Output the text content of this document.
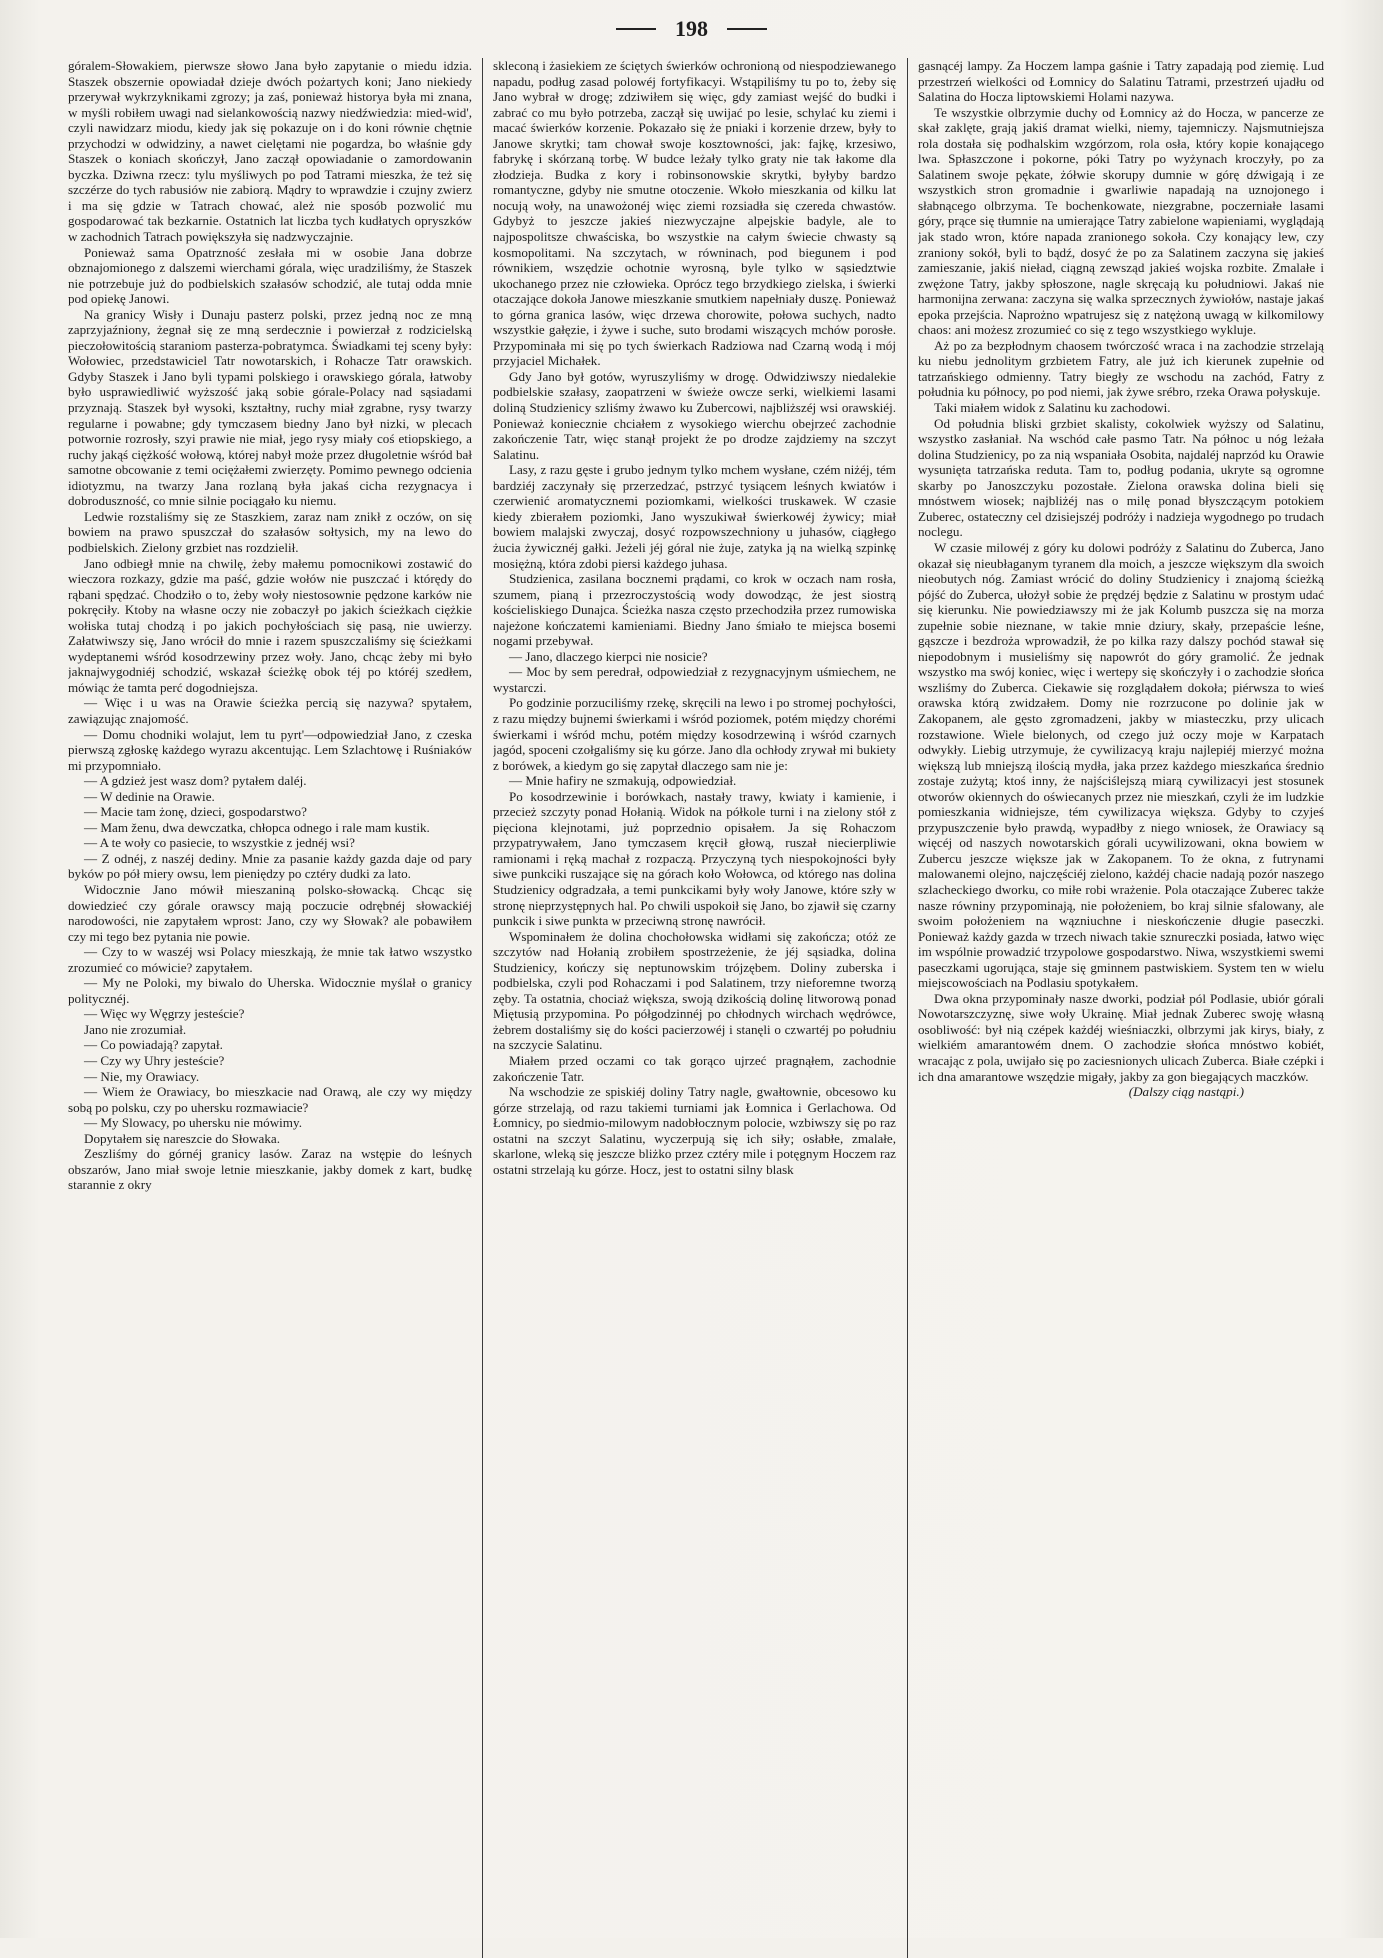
198

góralem-Słowakiem, pierwsze słowo Jana było zapytanie o miedu idzia. Staszek obszernie opowiadał dzieje dwóch pożartych koni; Jano niekiedy przerywał wykrzyknikami zgrozy; ja zaś, ponieważ historya była mi znana, w myśli robiłem uwagi nad sielankowością nazwy niedźwiedzia: mied-wid', czyli nawidzarz miodu, kiedy jak się pokazuje on i do koni równie chętnie przychodzi w odwidziny, a nawet cielętami nie pogardza, bo właśnie gdy Staszek o koniach skończył, Jano zaczął opowiadanie o zamordowanin byczka. Dziwna rzecz: tylu myśliwych po pod Tatrami mieszka, że też się szczérze do tych rabusiów nie zabiorą. Mądry to wprawdzie i czujny zwierz i ma się gdzie w Tatrach chować, ależ nie sposób pozwolić mu gospodarować tak bezkarnie. Ostatnich lat liczba tych kudłatych opryszków w zachodnich Tatrach powiększyła się nadzwyczajnie.

Ponieważ sama Opatrzność zesłała mi w osobie Jana dobrze obznajomionego z dalszemi wierchami górala, więc uradziliśmy, że Staszek nie potrzebuje już do podbielskich szałasów schodzić, ale tutaj odda mnie pod opiekę Janowi.

Na granicy Wisły i Dunaju pasterz polski, przez jedną noc ze mną zaprzyjaźniony, żegnał się ze mną serdecznie i powierzał z rodzicielską pieczołowitością staraniom pasterza-pobratymca. Świadkami tej sceny były: Wołowiec, przedstawiciel Tatr nowotarskich, i Rohacze Tatr orawskich. Gdyby Staszek i Jano byli typami polskiego i orawskiego górala, łatwoby było usprawiedliwić wyższość jaką sobie górale-Polacy nad sąsiadami przyznają. Staszek był wysoki, kształtny, ruchy miał zgrabne, rysy twarzy regularne i powabne; gdy tymczasem biedny Jano był nizki, w plecach potwornie rozrosły, szyi prawie nie miał, jego rysy miały coś etiopskiego, a ruchy jakąś ciężkość wołową, której nabył może przez długoletnie wśród bał samotne obcowanie z temi ociężałemi zwierzęty. Pomimo pewnego odcienia idiotyzmu, na twarzy Jana rozlaną była jakaś cicha rezygnacya i dobroduszność, co mnie silnie pociągało ku niemu.

Ledwie rozstaliśmy się ze Staszkiem, zaraz nam znikł z oczów, on się bowiem na prawo spuszczał do szałasów sołtysich, my na lewo do podbielskich. Zielony grzbiet nas rozdzielił.

Jano odbiegł mnie na chwilę, żeby małemu pomocnikowi zostawić do wieczora rozkazy, gdzie ma paść, gdzie wołów nie puszczać i którędy do rąbani spędzać. Chodziło o to, żeby woły niestosownie pędzone karków nie pokręciły. Ktoby na własne oczy nie zobaczył po jakich ścieżkach ciężkie wołiska tutaj chodzą i po jakich pochyłościach się pasą, nie uwierzy. Załatwiwszy się, Jano wrócił do mnie i razem spuszczaliśmy się ścieżkami wydeptanemi wśród kosodrzewiny przez woły. Jano, chcąc żeby mi było jaknajwygodniéj schodzić, wskazał ścieżkę obok téj po któréj szedłem, mówiąc że tamta perć dogodniejsza.

— Więc i u was na Orawie ścieżka percią się nazywa? spytałem, zawiązując znajomość.

— Domu chodniki wolajut, lem tu pyrt'—odpowiedział Jano, z czeska pierwszą zgłoskę każdego wyrazu akcentując. Lem Szlachtowę i Ruśniaków mi przypomniało.

— A gdzież jest wasz dom? pytałem daléj.

— W dedinie na Orawie.

— Macie tam żonę, dzieci, gospodarstwo?

— Mam ženu, dwa dewczatka, chłopca odnego i rale mam kustik.

— A te woły co pasiecie, to wszystkie z jednéj wsi?

— Z odnéj, z naszéj dediny. Mnie za pasanie każdy gazda daje od pary byków po pół miery owsu, lem pieniędzy po cztéry dudki za lato.

Widocznie Jano mówił mieszaniną polsko-słowacką. Chcąc się dowiedzieć czy górale orawscy mają poczucie odrębnéj słowackiéj narodowości, nie zapytałem wprost: Jano, czy wy Słowak? ale pobawiłem czy mi tego bez pytania nie powie.

— Czy to w waszéj wsi Polacy mieszkają, że mnie tak łatwo wszystko zrozumieć co mówicie? zapytałem.

— My ne Poloki, my biwalo do Uherska. Widocznie myślał o granicy politycznéj.

— Więc wy Węgrzy jesteście?

Jano nie zrozumiał.

— Co powiadają? zapytał.

— Czy wy Uhry jesteście?

— Nie, my Orawiacy.

— Wiem że Orawiacy, bo mieszkacie nad Orawą, ale czy wy między sobą po polsku, czy po uhersku rozmawiacie?

— My Slowacy, po uhersku nie mówimy.

Dopytałem się nareszcie do Słowaka.

Zeszliśmy do górnéj granicy lasów. Zaraz na wstępie do leśnych obszarów, Jano miał swoje letnie mieszkanie, jakby domek z kart, budkę starannie z okry

skleconą i żasiekiem ze ściętych świerków ochronioną od niespodziewanego napadu, podług zasad polowéj fortyfikacyi. Wstąpiliśmy tu po to, żeby się Jano wybrał w drogę; zdziwiłem się więc, gdy zamiast wejść do budki i zabrać co mu było potrzeba, zaczął się uwijać po lesie, schylać ku ziemi i macać świerków korzenie. Pokazało się że pniaki i korzenie drzew, były to Janowe skrytki; tam chował swoje kosztowności, jak: fajkę, krzesiwo, fabrykę i skórzaną torbę. W budce leżały tylko graty nie tak łakome dla złodzieja. Budka z kory i robinsonowskie skrytki, byłyby bardzo romantyczne, gdyby nie smutne otoczenie. Wkoło mieszkania od kilku lat nocują woły, na unawożonéj więc ziemi rozsiadła się czereda chwastów. Gdybyż to jeszcze jakieś niezwyczajne alpejskie badyle, ale to najpospolitsze chwaściska, bo wszystkie na całym świecie chwasty są kosmopolitami. Na szczytach, w równinach, pod biegunem i pod równikiem, wszędzie ochotnie wyrosną, byle tylko w sąsiedztwie ukochanego przez nie człowieka. Oprócz tego brzydkiego zielska, i świerki otaczające dokoła Janowe mieszkanie smutkiem napełniały duszę. Ponieważ to górna granica lasów, więc drzewa chorowite, połowa suchych, nadto wszystkie gałęzie, i żywe i suche, suto brodami wiszących mchów porosłe. Przypominała mi się po tych świerkach Radziowa nad Czarną wodą i mój przyjaciel Michałek.

Gdy Jano był gotów, wyruszyliśmy w drogę. Odwidziwszy niedalekie podbielskie szałasy, zaopatrzeni w świeże owcze serki, wielkiemi lasami doliną Studzienicy szliśmy żwawo ku Zubercowi, najbliższéj wsi orawskiéj. Ponieważ koniecznie chciałem z wysokiego wierchu obejrzeć zachodnie zakończenie Tatr, więc stanął projekt że po drodze zajdziemy na szczyt Salatinu.

Lasy, z razu gęste i grubo jednym tylko mchem wysłane, czém niżéj, tém bardziéj zaczynały się przerzedzać, pstrzyć tysiącem leśnych kwiatów i czerwienić aromatycznemi poziomkami, wielkości truskawek. W czasie kiedy zbierałem poziomki, Jano wyszukiwał świerkowéj żywicy; miał bowiem malajski zwyczaj, dosyć rozpowszechniony u juhasów, ciągłego żucia żywicznéj gałki. Jeżeli jéj góral nie żuje, zatyka ją na wielką szpinkę mosiężną, która zdobi piersi każdego juhasa.

Studzienica, zasilana bocznemi prądami, co krok w oczach nam rosła, szumem, pianą i przezroczystością wody dowodząc, że jest siostrą kościeliskiego Dunajca. Ścieżka nasza często przechodziła przez rumowiska najeżone kończatemi kamieniami. Biedny Jano śmiało te miejsca bosemi nogami przebywał.

— Jano, dlaczego kierpci nie nosicie?

— Moc by sem peredrał, odpowiedział z rezygnacyjnym uśmiechem, ne wystarczi.

Po godzinie porzuciliśmy rzekę, skręcili na lewo i po stromej pochyłości, z razu między bujnemi świerkami i wśród poziomek, potém między chorémi świerkami i wśród mchu, potém między kosodrzewiną i wśród czarnych jagód, spoceni czołgaliśmy się ku górze. Jano dla ochłody zrywał mi bukiety z borówek, a kiedym go się zapytał dlaczego sam nie je:

— Mnie hafiry ne szmakują, odpowiedział.

Po kosodrzewinie i borówkach, nastały trawy, kwiaty i kamienie, i przecież szczyty ponad Hołanią. Widok na półkole turni i na zielony stół z pięciona klejnotami, już poprzednio opisałem. Ja się Rohaczom przypatrywałem, Jano tymczasem kręcił głową, ruszał niecierpliwie ramionami i ręką machał z rozpaczą. Przyczyną tych niespokojności były siwe punkciki ruszające się na górach koło Wołowca, od którego nas dolina Studzienicy odgradzała, a temi punkcikami były woły Janowe, które szły w stronę nieprzystępnych hal. Po chwili uspokoił się Jano, bo zjawił się czarny punkcik i siwe punkta w przeciwną stronę nawrócił.

Wspominałem że dolina chochołowska widłami się zakończa; otóż ze szczytów nad Hołanią zrobiłem spostrzeżenie, że jéj sąsiadka, dolina Studzienicy, kończy się neptunowskim trójzębem. Doliny zuberska i podbielska, czyli pod Rohaczami i pod Salatinem, trzy nieforemne tworzą zęby. Ta ostatnia, chociaż większa, swoją dzikością dolinę litworową ponad Miętusią przypomina. Po półgodzinnéj po chłodnych wirchach wędrówce, żebrem dostaliśmy się do kości pacierzowéj i stanęli o czwartéj po południu na szczycie Salatinu.

Miałem przed oczami co tak gorąco ujrzeć pragnąłem, zachodnie zakończenie Tatr.

Na wschodzie ze spiskiéj doliny Tatry nagle, gwałtownie, obcesowo ku górze strzelają, od razu takiemi turniami jak Łomnica i Gerlachowa. Od Łomnicy, po siedmio-milowym nadobłocznym polocie, wzbiwszy się po raz ostatni na szczyt Salatinu, wyczerpują się ich siły; osłabłe, zmalałe, skarlone, wleką się jeszcze bliżko przez cztéry mile i potęgnym Hoczem raz ostatni strzelają ku górze. Hocz, jest to ostatni silny blask

gasnącéj lampy. Za Hoczem lampa gaśnie i Tatry zapadają pod ziemię. Lud przestrzeń wielkości od Łomnicy do Salatinu Tatrami, przestrzeń ujadłu od Salatina do Hocza liptowskiemi Holami nazywa.

Te wszystkie olbrzymie duchy od Łomnicy aż do Hocza, w pancerze ze skał zaklęte, grają jakiś dramat wielki, niemy, tajemniczy. Najsmutniejsza rola dostała się podhalskim wzgórzom, rola osła, który kopie konającego lwa. Spłaszczone i pokorne, póki Tatry po wyżynach kroczyły, po za Salatinem swoje pękate, żółwie skorupy dumnie w górę dźwigają i ze wszystkich stron gromadnie i gwarliwie napadają na uznojonego i słabnącego olbrzyma. Te bochenkowate, niezgrabne, poczerniałe lasami góry, prące się tłumnie na umierające Tatry zabielone wapieniami, wyglądają jak stado wron, które napada zranionego sokoła. Czy konający lew, czy zraniony sokół, byli to bądź, dosyć że po za Salatinem zaczyna się jakieś zamieszanie, jakiś nieład, ciągną zewsząd jakieś wojska rozbite. Zmalałe i zwężone Tatry, jakby spłoszone, nagle skręcają ku południowi. Jakaś nie harmonijna zerwana: zaczyna się walka sprzecznych żywiołów, nastaje jakaś epoka przejścia. Naprożno wpatrujesz się z natężoną uwagą w kilkomilowy chaos: ani możesz zrozumieć co się z tego wszystkiego wykluje.

Aż po za bezpłodnym chaosem twórczość wraca i na zachodzie strzelają ku niebu jednolitym grzbietem Fatry, ale już ich kierunek zupełnie od tatrzańskiego odmienny. Tatry biegły ze wschodu na zachód, Fatry z południa ku północy, po pod niemi, jak żywe srébro, rzeka Orawa połyskuje.

Taki miałem widok z Salatinu ku zachodowi.

Od południa bliski grzbiet skalisty, cokolwiek wyższy od Salatinu, wszystko zasłaniał. Na wschód całe pasmo Tatr. Na północ u nóg leżała dolina Studzienicy, po za nią wspaniała Osobita, najdaléj naprzód ku Orawie wysunięta tatrzańska reduta. Tam to, podług podania, ukryte są ogromne skarby po Janoszczyku pozostałe. Zielona orawska dolina bieli się mnóstwem wiosek; najbliżéj nas o milę ponad błyszczącym potokiem Zuberec, ostateczny cel dzisiejszéj podróży i nadzieja wygodnego po trudach noclegu.

W czasie milowéj z góry ku dolowi podróży z Salatinu do Zuberca, Jano okazał się nieubłaganym tyranem dla moich, a jeszcze większym dla swoich nieobutych nóg. Zamiast wrócić do doliny Studzienicy i znajomą ścieżką pójść do Zuberca, ułożył sobie że prędzéj będzie z Salatinu w prostym udać się kierunku. Nie powiedziawszy mi że jak Kolumb puszcza się na morza zupełnie sobie nieznane, w takie mnie dziury, skały, przepaście leśne, gąszcze i bezdroża wprowadził, że po kilka razy dalszy pochód stawał się niepodobnym i musieliśmy się napowrót do góry gramolić. Że jednak wszystko ma swój koniec, więc i wertepy się skończyły i o zachodzie słońca wszliśmy do Zuberca. Ciekawie się rozglądałem dokoła; piérwsza to wieś orawska którą zwidzałem. Domy nie rozrzucone po dolinie jak w Zakopanem, ale gęsto zgromadzeni, jakby w miasteczku, przy ulicach rozstawione. Wiele bielonych, od czego już oczy moje w Karpatach odwykły. Liebig utrzymuje, że cywilizacyą kraju najlepiéj mierzyć można większą lub mniejszą ilością mydła, jaka przez każdego mieszkańca średnio zostaje zużytą; ktoś inny, że najściślejszą miarą cywilizacyi jest stosunek otworów okiennych do oświecanych przez nie mieszkań, czyli że im ludzkie pomieszkania widniejsze, tém cywilizacya większa. Gdyby to czyjeś przypuszczenie było prawdą, wypadłby z niego wniosek, że Orawiacy są więcéj od naszych nowotarskich górali ucywilizowani, okna bowiem w Zubercu jeszcze większe jak w Zakopanem. To że okna, z futrynami malowanemi olejno, najczęściéj zielono, każdéj chacie nadają pozór naszego szlacheckiego dworku, co miłe robi wrażenie. Pola otaczające Zuberec także nasze równiny przypominają, nie położeniem, bo kraj silnie sfalowany, ale swoim położeniem na wązniuchne i nieskończenie długie paseczki. Ponieważ każdy gazda w trzech niwach takie sznureczki posiada, łatwo więc im wspólnie prowadzić trzypolowe gospodarstwo. Niwa, wszystkiemi swemi paseczkami ugorująca, staje się gminnem pastwiskiem. System ten w wielu miejscowościach na Podlasiu spotykałem.

Dwa okna przypominały nasze dworki, podział pól Podlasie, ubiór górali Nowotarszczyznę, siwe woły Ukrainę. Miał jednak Zuberec swoję własną osobliwość: był nią czépek każdéj wieśniaczki, olbrzymi jak kirys, biały, z wielkiém amarantowém dnem. O zachodzie słońca mnóstwo kobiét, wracając z pola, uwijało się po zaciesnionych ulicach Zuberca. Białe czépki i ich dna amarantowe wszędzie migały, jakby za gon biegających maczków.

(Dalszy ciąg nastąpi.)
